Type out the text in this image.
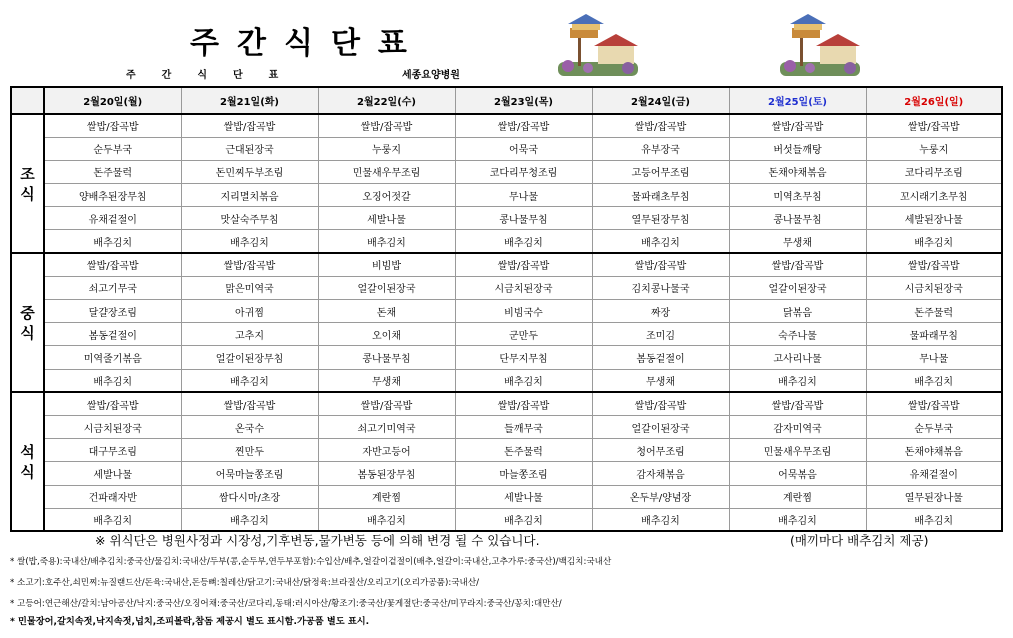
주간식단표
주간식단표	세종요양병원
	2월20일(월)	2월21일(화)	2월22일(수)	2월23일(목)	2월24일(금)	2월25일(토)	2월26일(일)
조
식	쌀밥/잡곡밥	쌀밥/잡곡밥	쌀밥/잡곡밥	쌀밥/잡곡밥	쌀밥/잡곡밥	쌀밥/잡곡밥	쌀밥/잡곡밥
	순두부국	근대된장국	누룽지	어묵국	유부장국	버섯들깨탕	누룽지
	돈주물럭	돈민찌두부조림	민물새우무조림	코다리무청조림	고등어무조림	돈채야채볶음	코다리무조림
	양배추된장무침	지리멸치볶음	오징어젓갈	무나물	물파래초무침	미역초무침	꼬시래기초무침
	유채겉절이	맛살숙주무침	세발나물	콩나물무침	열무된장무침	콩나물무침	세발된장나물
	배추김치	배추김치	배추김치	배추김치	배추김치	무생채	배추김치
중
식	쌀밥/잡곡밥	쌀밥/잡곡밥	비빔밥	쌀밥/잡곡밥	쌀밥/잡곡밥	쌀밥/잡곡밥	쌀밥/잡곡밥
	쇠고기무국	맑은미역국	얼갈이된장국	시금치된장국	김치콩나물국	얼갈이된장국	시금치된장국
	달걀장조림	아귀찜	돈채	비빔국수	짜장	닭볶음	돈주물럭
	봄동겉절이	고추지	오이채	군만두	조미김	숙주나물	물파래무침
	미역줄기볶음	얼갈이된장무침	콩나물무침	단무지무침	봄동겉절이	고사리나물	무나물
	배추김치	배추김치	무생채	배추김치	무생채	배추김치	배추김치
석
식	쌀밥/잡곡밥	쌀밥/잡곡밥	쌀밥/잡곡밥	쌀밥/잡곡밥	쌀밥/잡곡밥	쌀밥/잡곡밥	쌀밥/잡곡밥
	시금치된장국	온국수	쇠고기미역국	들깨무국	얼갈이된장국	감자미역국	순두부국
	대구무조림	찐만두	자반고등어	돈주물럭	청어무조림	민물새우무조림	돈채야채볶음
	세발나물	어묵마늘쫑조림	봄동된장무침	마늘쫑조림	감자채볶음	어묵볶음	유채겉절이
	건파래자반	쌈다시마/초장	계란찜	세발나물	온두부/양념장	계란찜	열무된장나물
	배추김치	배추김치	배추김치	배추김치	배추김치	배추김치	배추김치
※ 위식단은 병원사정과 시장성,기후변동,물가변동 등에 의해 변경 될 수 있습니다.	(매끼마다 배추김치 제공)
* 쌀(밥,죽용):국내산/배추김치:중국산/물김치:국내산/두부(콩,순두부,연두부포함):수입산/배추,얼갈이겉절이(배추,얼갈이:국내산,고추가루:중국산)/백김치:국내산
* 소고기:호주산,쇠민찌:뉴질랜드산/돈육:국내산,돈등뼈:칠레산/닭고기:국내산/닭정육:브라질산/오리고기(오리가공품):국내산/
* 고등어:연근해산/갈치:남아공산/낙지:중국산/오징어채:중국산/코다리,동태:러시아산/황조기:중국산/꽃게절단:중국산/미꾸라지:중국산/꽁치:대만산/
* 민물장어,갈치속젓,낙지속젓,넙치,조피볼락,참돔 제공시 별도 표시함.가공품 별도 표시.
